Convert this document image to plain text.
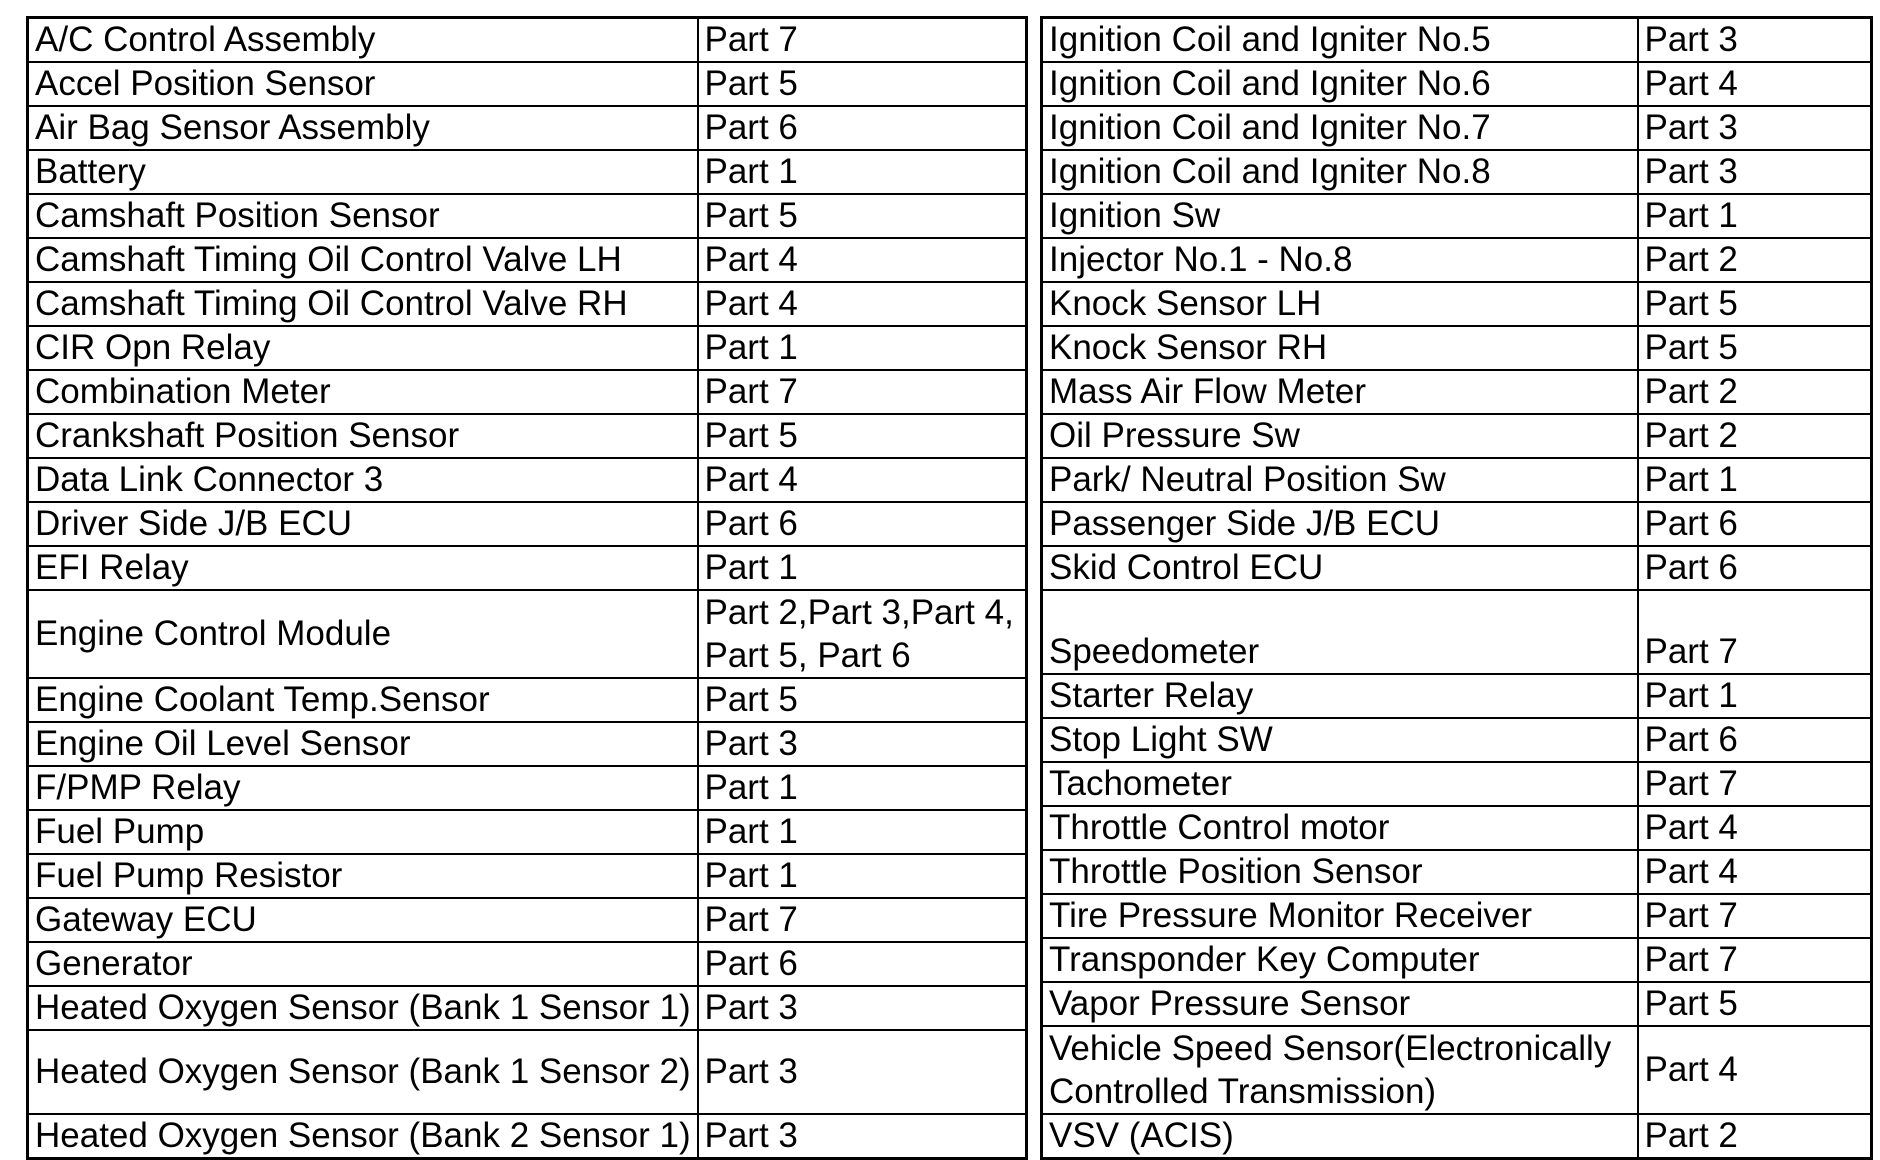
A/C Control Assembly	Part 7
Accel Position Sensor	Part 5
Air Bag Sensor Assembly	Part 6
Battery	Part 1
Camshaft Position Sensor	Part 5
Camshaft Timing Oil Control Valve LH	Part 4
Camshaft Timing Oil Control Valve RH	Part 4
CIR Opn Relay	Part 1
Combination Meter	Part 7
Crankshaft Position Sensor	Part 5
Data Link Connector 3	Part 4
Driver Side J/B ECU	Part 6
EFI Relay	Part 1
Engine Control Module	Part 2,Part 3,Part 4, Part 5, Part 6
Engine Coolant Temp.Sensor	Part 5
Engine Oil Level Sensor	Part 3
F/PMP Relay	Part 1
Fuel Pump	Part 1
Fuel Pump Resistor	Part 1
Gateway ECU	Part 7
Generator	Part 6
Heated Oxygen Sensor (Bank 1 Sensor 1)	Part 3
Heated Oxygen Sensor (Bank 1 Sensor 2)	Part 3
Heated Oxygen Sensor (Bank 2 Sensor 1)	Part 3
Ignition Coil and Igniter No.5	Part 3
Ignition Coil and Igniter No.6	Part 4
Ignition Coil and Igniter No.7	Part 3
Ignition Coil and Igniter No.8	Part 3
Ignition Sw	Part 1
Injector No.1 - No.8	Part 2
Knock Sensor LH	Part 5
Knock Sensor RH	Part 5
Mass Air Flow Meter	Part 2
Oil Pressure Sw	Part 2
Park/ Neutral Position Sw	Part 1
Passenger Side J/B ECU	Part 6
Skid Control ECU	Part 6
Speedometer	Part 7
Starter Relay	Part 1
Stop Light SW	Part 6
Tachometer	Part 7
Throttle Control motor	Part 4
Throttle Position Sensor	Part 4
Tire Pressure Monitor Receiver	Part 7
Transponder Key Computer	Part 7
Vapor Pressure Sensor	Part 5
Vehicle Speed Sensor(Electronically Controlled Transmission)	Part 4
VSV (ACIS)	Part 2
